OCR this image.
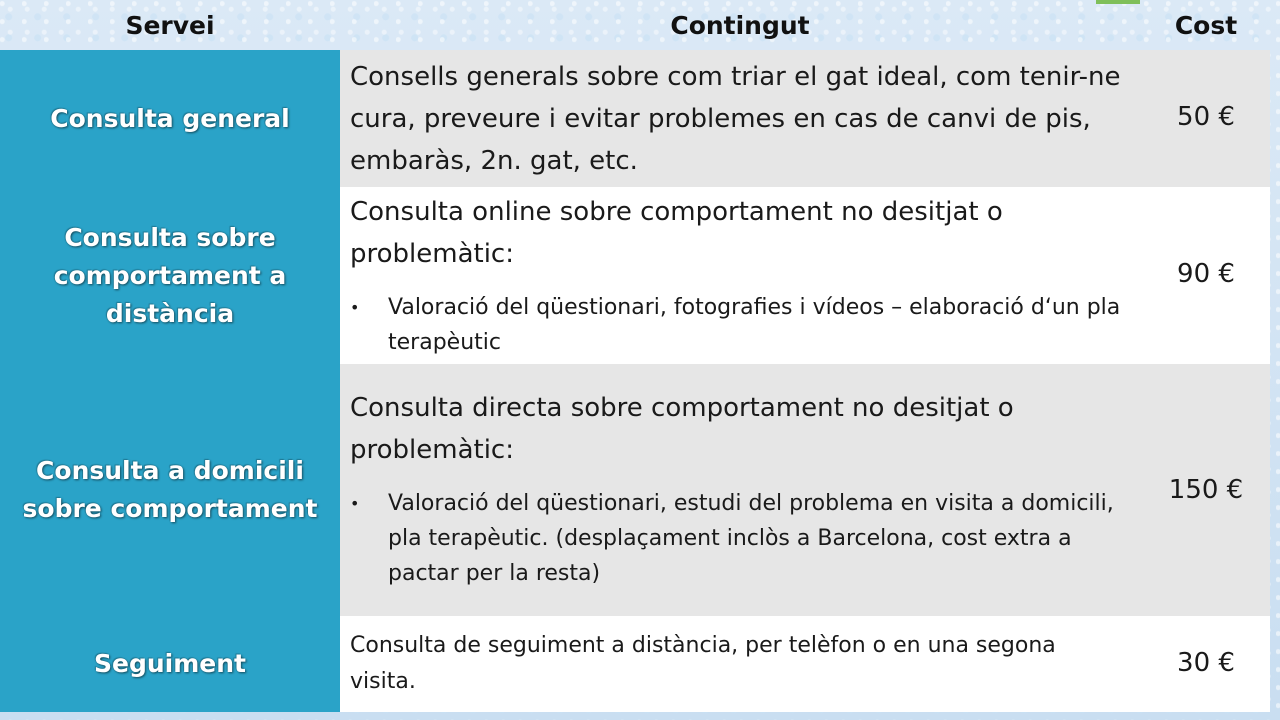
Servei	Contingut	Cost
Consulta general
Consells generals sobre com triar el gat ideal, com tenir-ne cura, preveure i evitar problemes en cas de canvi de pis, embaràs, 2n. gat, etc.
50 €
Consulta sobre comportament a distància
Consulta online sobre comportament no desitjat o problemàtic:
• Valoració del qüestionari, fotografies i vídeos – elaboració d‘un pla terapèutic
90 €
Consulta a domicili sobre comportament
Consulta directa sobre comportament no desitjat o problemàtic:
• Valoració del qüestionari, estudi del problema en visita a domicili, pla terapèutic. (desplaçament inclòs a Barcelona, cost extra a pactar per la resta)
150 €
Seguiment
Consulta de seguiment a distància, per telèfon o en una segona visita.
30 €
